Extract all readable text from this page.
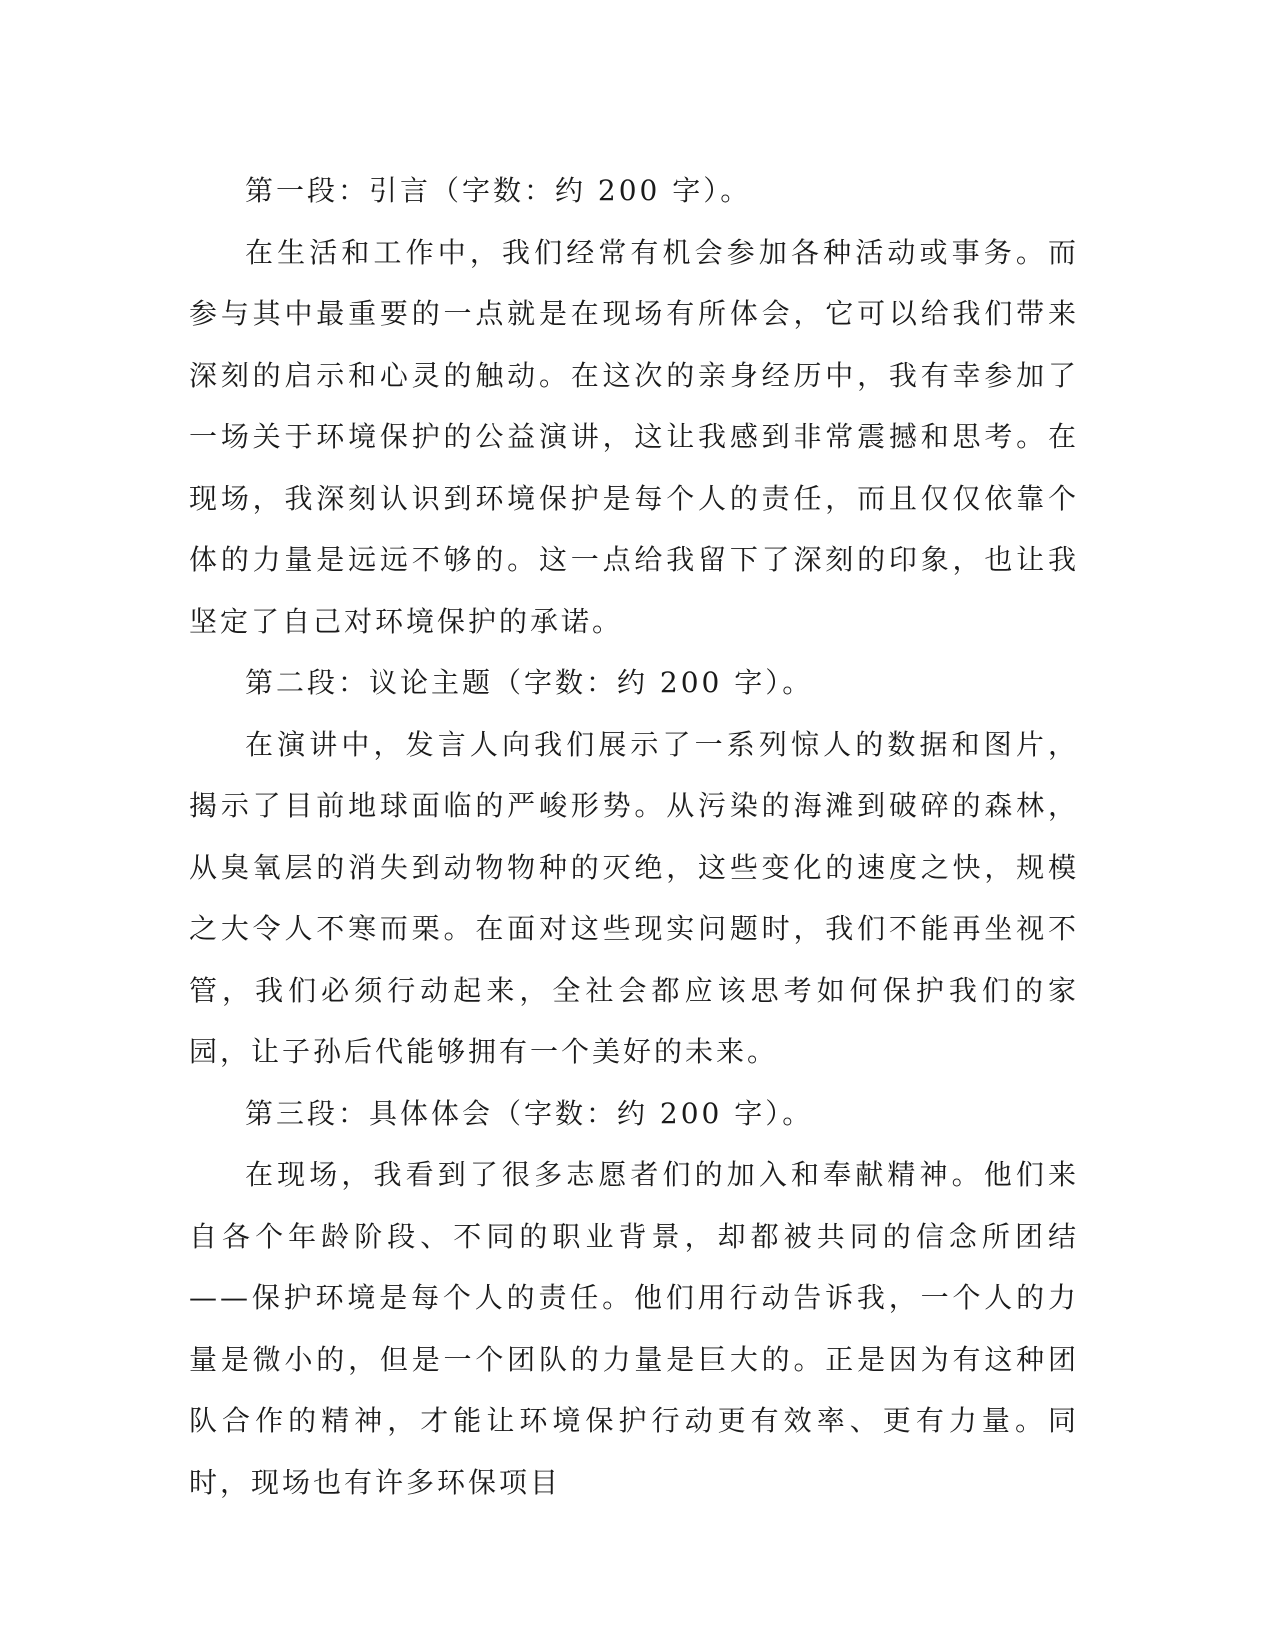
第一段：引言（字数：约 200 字）。

在生活和工作中，我们经常有机会参加各种活动或事务。而参与其中最重要的一点就是在现场有所体会，它可以给我们带来深刻的启示和心灵的触动。在这次的亲身经历中，我有幸参加了一场关于环境保护的公益演讲，这让我感到非常震撼和思考。在现场，我深刻认识到环境保护是每个人的责任，而且仅仅依靠个体的力量是远远不够的。这一点给我留下了深刻的印象，也让我坚定了自己对环境保护的承诺。

第二段：议论主题（字数：约 200 字）。

在演讲中，发言人向我们展示了一系列惊人的数据和图片，揭示了目前地球面临的严峻形势。从污染的海滩到破碎的森林，从臭氧层的消失到动物物种的灭绝，这些变化的速度之快，规模之大令人不寒而栗。在面对这些现实问题时，我们不能再坐视不管，我们必须行动起来，全社会都应该思考如何保护我们的家园，让子孙后代能够拥有一个美好的未来。

第三段：具体体会（字数：约 200 字）。

在现场，我看到了很多志愿者们的加入和奉献精神。他们来自各个年龄阶段、不同的职业背景，却都被共同的信念所团结——保护环境是每个人的责任。他们用行动告诉我，一个人的力量是微小的，但是一个团队的力量是巨大的。正是因为有这种团队合作的精神，才能让环境保护行动更有效率、更有力量。同时，现场也有许多环保项目
